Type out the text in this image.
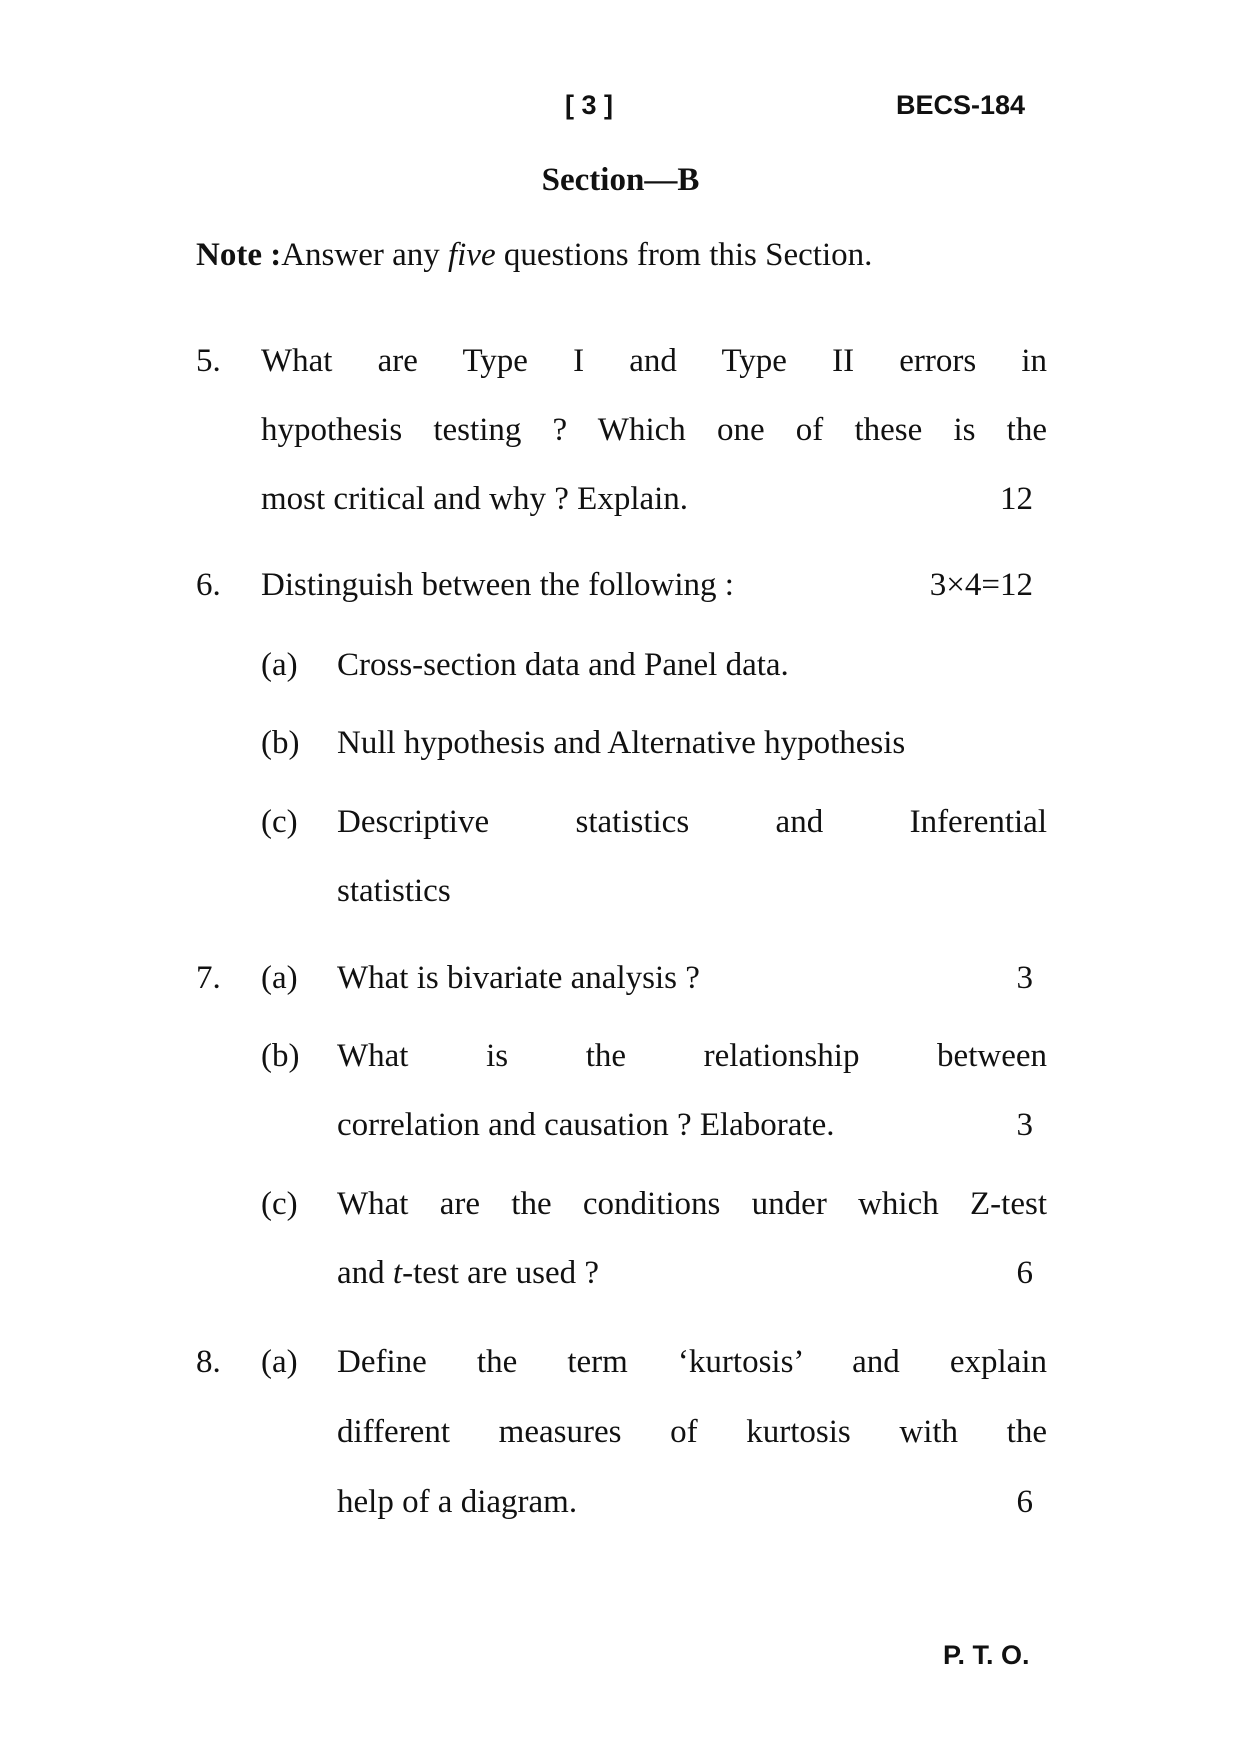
[ 3 ]	BECS-184
Section—B
Note :Answer any five questions from this Section.
5. What are Type I and Type II errors in
hypothesis testing ? Which one of these is the
most critical and why ? Explain.	12
6. Distinguish between the following :	3×4=12
(a) Cross-section data and Panel data.
(b) Null hypothesis and Alternative hypothesis
(c) Descriptive statistics and Inferential
statistics
7. (a) What is bivariate analysis ?	3
(b) What is the relationship between
correlation and causation ? Elaborate.	3
(c) What are the conditions under which Z-test
and t-test are used ?	6
8. (a) Define the term ‘kurtosis’ and explain
different measures of kurtosis with the
help of a diagram.	6
P. T. O.
